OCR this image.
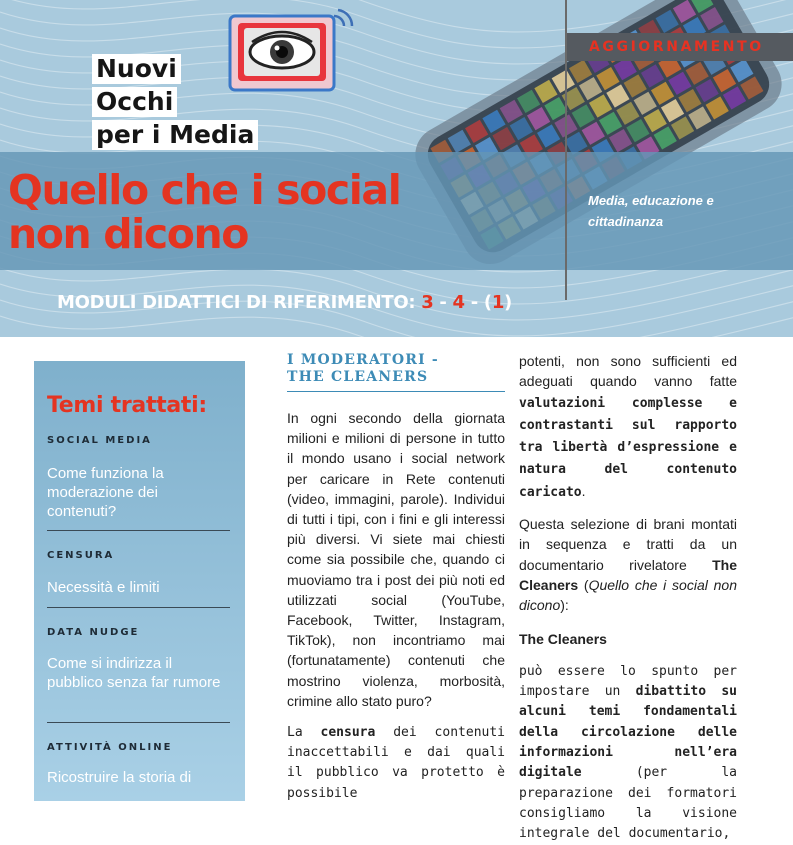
AGGIORNAMENTO
Nuovi
Occhi
per i Media
Quello che i social
non dicono
Media, educazione e cittadinanza
MODULI DIDATTICI DI RIFERIMENTO: 3 - 4 - (1)
Temi trattati:
SOCIAL MEDIA
Come funziona la moderazione dei contenuti?
CENSURA
Necessità e limiti
DATA NUDGE
Come si indirizza il pubblico senza far rumore
ATTIVITÀ ONLINE
Ricostruire la storia di
I MODERATORI -
THE CLEANERS

In ogni secondo della giornata milioni e milioni di persone in tutto il mondo usano i social network per caricare in Rete contenuti (video, immagini, parole). Individui di tutti i tipi, con i fini e gli interessi più diversi. Vi siete mai chiesti come sia possibile che, quando ci muoviamo tra i post dei più noti ed utilizzati social (YouTube, Facebook, Twitter, Instagram, TikTok), non incontriamo mai (fortunatamente) contenuti che mostrino violenza, morbosità, crimine allo stato puro?

La censura dei contenuti inaccettabili e dai quali il pubblico va protetto è possibile

potenti, non sono sufficienti ed adeguati quando vanno fatte valutazioni complesse e contrastanti sul rapporto tra libertà d’espressione e natura del contenuto caricato.

Questa selezione di brani montati in sequenza e tratti da un documentario rivelatore The Cleaners (Quello che i social non dicono):

The Cleaners

può essere lo spunto per impostare un dibattito su alcuni temi fondamentali della circolazione delle informazioni nell’era digitale (per la preparazione dei formatori consigliamo la visione integrale del documentario,
